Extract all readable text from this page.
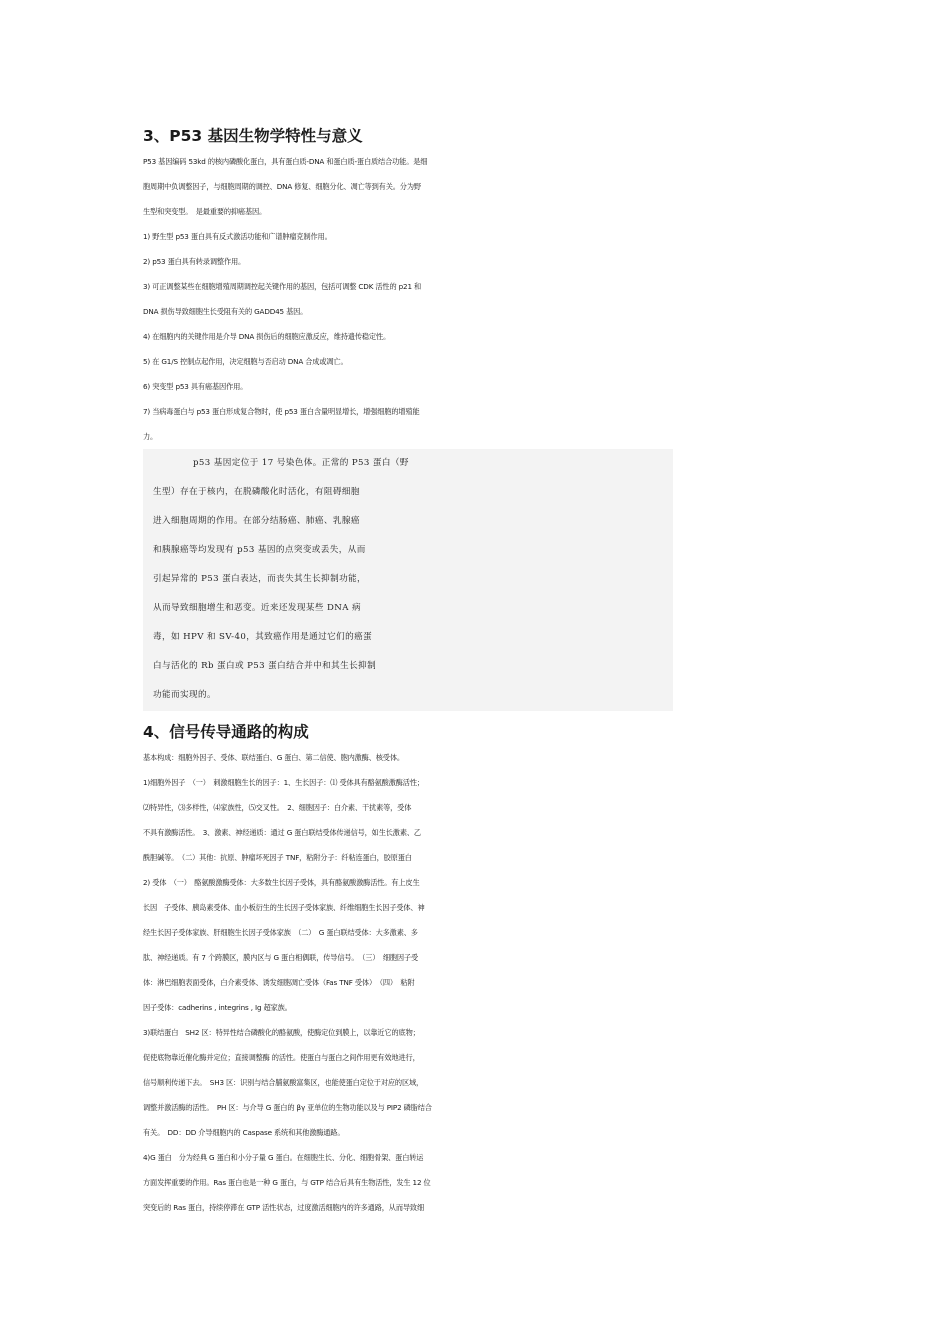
3、P53 基因生物学特性与意义
P53 基因编码 53kd 的核内磷酸化蛋白，具有蛋白质-DNA 和蛋白质-蛋白质结合功能。是细
胞周期中负调整因子，与细胞周期的调控、DNA 修复、细胞分化、凋亡等到有关。分为野
生型和突变型。　是最重要的抑癌基因。
1) 野生型 p53 蛋白具有反式激活功能和广谱肿瘤克制作用。
2) p53 蛋白具有转录调整作用。
3) 可正调整某些在细胞增殖周期调控起关键作用的基因，包括可调整 CDK 活性的 p21 和
DNA 损伤导致细胞生长受阻有关的 GADD45 基因。
4) 在细胞内的关键作用是介导 DNA 损伤后的细胞应激反应，维持遗传稳定性。
5) 在 G1/S 控制点起作用，决定细胞与否启动 DNA 合成或凋亡。
6) 突变型 p53 具有癌基因作用。
7) 当病毒蛋白与 p53 蛋白形成复合物时，使 p53 蛋白含量明显增长，增强细胞的增殖能
力。
p53 基因定位于 17 号染色体。正常的 P53 蛋白（野
生型）存在于核内，在脱磷酸化时活化，有阻碍细胞
进入细胞周期的作用。在部分结肠癌、肺癌、乳腺癌
和胰腺癌等均发现有 p53 基因的点突变或丢失，从而
引起异常的 P53 蛋白表达，而丧失其生长抑制功能，
从而导致细胞增生和恶变。近来还发现某些 DNA 病
毒，如 HPV 和 SV-40，其致癌作用是通过它们的癌蛋
白与活化的 Rb 蛋白或 P53 蛋白结合并中和其生长抑制
功能而实现的。
4、信号传导通路的构成
基本构成：细胞外因子、受体、联结蛋白、G 蛋白、第二信使、胞内激酶、核受体。
1)细胞外因子　（一）　刺激细胞生长的因子：1、生长因子：⑴ 受体具有酪氨酸激酶活性；
⑵特异性，⑶多样性，⑷家族性，⑸交叉性。　2、细胞因子：白介素、干扰素等，受体
不具有激酶活性。　3、激素、神经递质：通过 G 蛋白联结受体传递信号，如生长激素、乙
酰胆碱等。　（二）其他：抗原、肿瘤坏死因子 TNF，粘附分子：纤粘连蛋白，胶原蛋白
2) 受体　（一）　酪氨酸激酶受体：大多数生长因子受体，具有酪氨酸激酶活性。有上皮生
长因　子受体、胰岛素受体、血小板衍生的生长因子受体家族、纤维细胞生长因子受体、神
经生长因子受体家族、肝细胞生长因子受体家族　（二）　G 蛋白联结受体：大多激素、多
肽、神经递质。有 7 个跨膜区，膜内区与 G 蛋白相偶联，传导信号。　（三）　细胞因子受
体：淋巴细胞表面受体，白介素受体、诱发细胞凋亡受体（Fas TNF 受体）　（四）　粘附
因子受体：cadherins , integrins , Ig 超家族。
3)联结蛋白　SH2 区：特异性结合磷酸化的酪氨酸，使酶定位到膜上，以靠近它的底物；
促使底物靠近催化酶并定位；直接调整酶 的活性。使蛋白与蛋白之间作用更有效地进行，
信号顺利传递下去。　SH3 区：识别与结合脯氨酸富集区，也能使蛋白定位于对应的区域，
调整并激活酶的活性。　PH 区：与介导 G 蛋白的 βγ 亚单位的生物功能以及与 PIP2 磷脂结合
有关。　DD：DD 介导细胞内的 Caspase 系统和其他激酶通路。
4)G 蛋白　分为经典 G 蛋白和小分子量 G 蛋白。在细胞生长、分化、细胞骨架、蛋白转运
方面发挥重要的作用。Ras 蛋白也是一种 G 蛋白，与 GTP 结合后具有生物活性，发生 12 位
突变后的 Ras 蛋白，持续停滞在 GTP 活性状态，过度激活细胞内的许多通路，从而导致细
